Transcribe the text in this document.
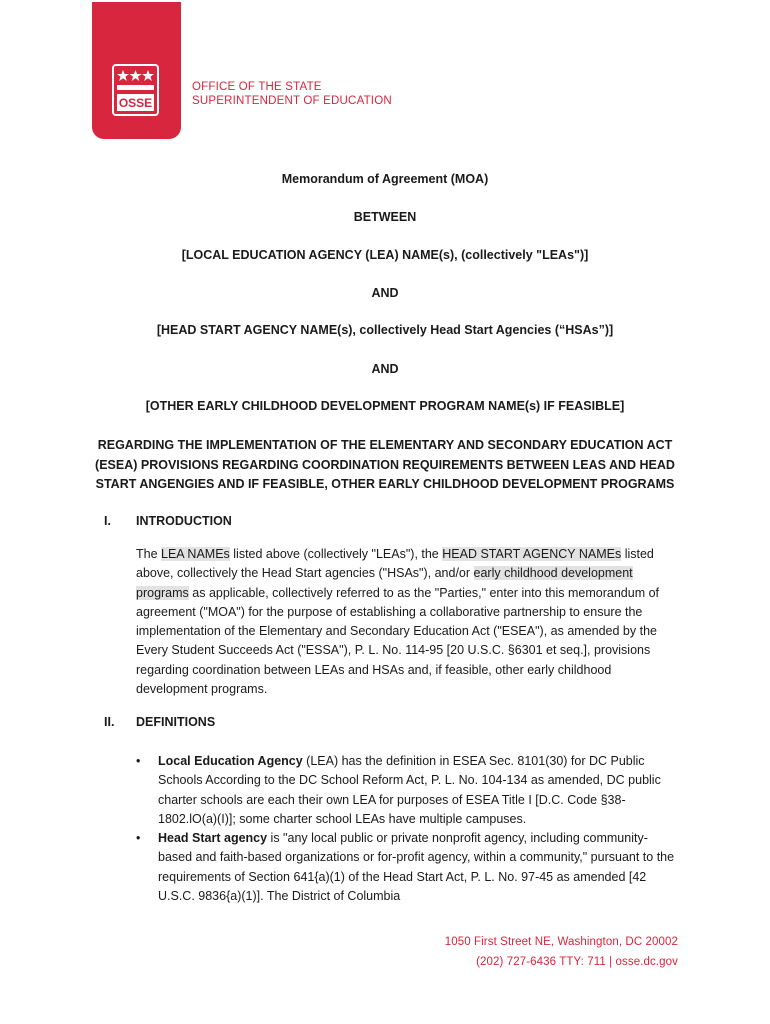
OSSE
OFFICE OF THE STATE
SUPERINTENDENT OF EDUCATION
Memorandum of Agreement (MOA)
BETWEEN
[LOCAL EDUCATION AGENCY (LEA) NAME(s), (collectively "LEAs")]
AND
[HEAD START AGENCY NAME(s), collectively Head Start Agencies (“HSAs”)]
AND
[OTHER EARLY CHILDHOOD DEVELOPMENT PROGRAM NAME(s) IF FEASIBLE]
REGARDING THE IMPLEMENTATION OF THE ELEMENTARY AND SECONDARY EDUCATION ACT (ESEA) PROVISIONS REGARDING COORDINATION REQUIREMENTS BETWEEN LEAS AND HEAD START ANGENGIES AND IF FEASIBLE, OTHER EARLY CHILDHOOD DEVELOPMENT PROGRAMS
I. INTRODUCTION
The LEA NAMEs listed above (collectively "LEAs"), the HEAD START AGENCY NAMEs listed above, collectively the Head Start agencies ("HSAs"), and/or early childhood development programs as applicable, collectively referred to as the "Parties," enter into this memorandum of agreement ("MOA") for the purpose of establishing a collaborative partnership to ensure the implementation of the Elementary and Secondary Education Act ("ESEA"), as amended by the Every Student Succeeds Act ("ESSA"), P. L. No. 114-95 [20 U.S.C. §6301 et seq.], provisions regarding coordination between LEAs and HSAs and, if feasible, other early childhood development programs.
II. DEFINITIONS
• Local Education Agency (LEA) has the definition in ESEA Sec. 8101(30) for DC Public Schools According to the DC School Reform Act, P. L. No. 104-134 as amended, DC public charter schools are each their own LEA for purposes of ESEA Title I [D.C. Code §38-1802.lO(a)(I)]; some charter school LEAs have multiple campuses.
• Head Start agency is "any local public or private nonprofit agency, including community- based and faith-based organizations or for-profit agency, within a community," pursuant to the requirements of Section 641{a)(1) of the Head Start Act, P. L. No. 97-45 as amended [42 U.S.C. 9836{a)(1)]. The District of Columbia
1050 First Street NE, Washington, DC 20002
(202) 727-6436 TTY: 711 | osse.dc.gov
